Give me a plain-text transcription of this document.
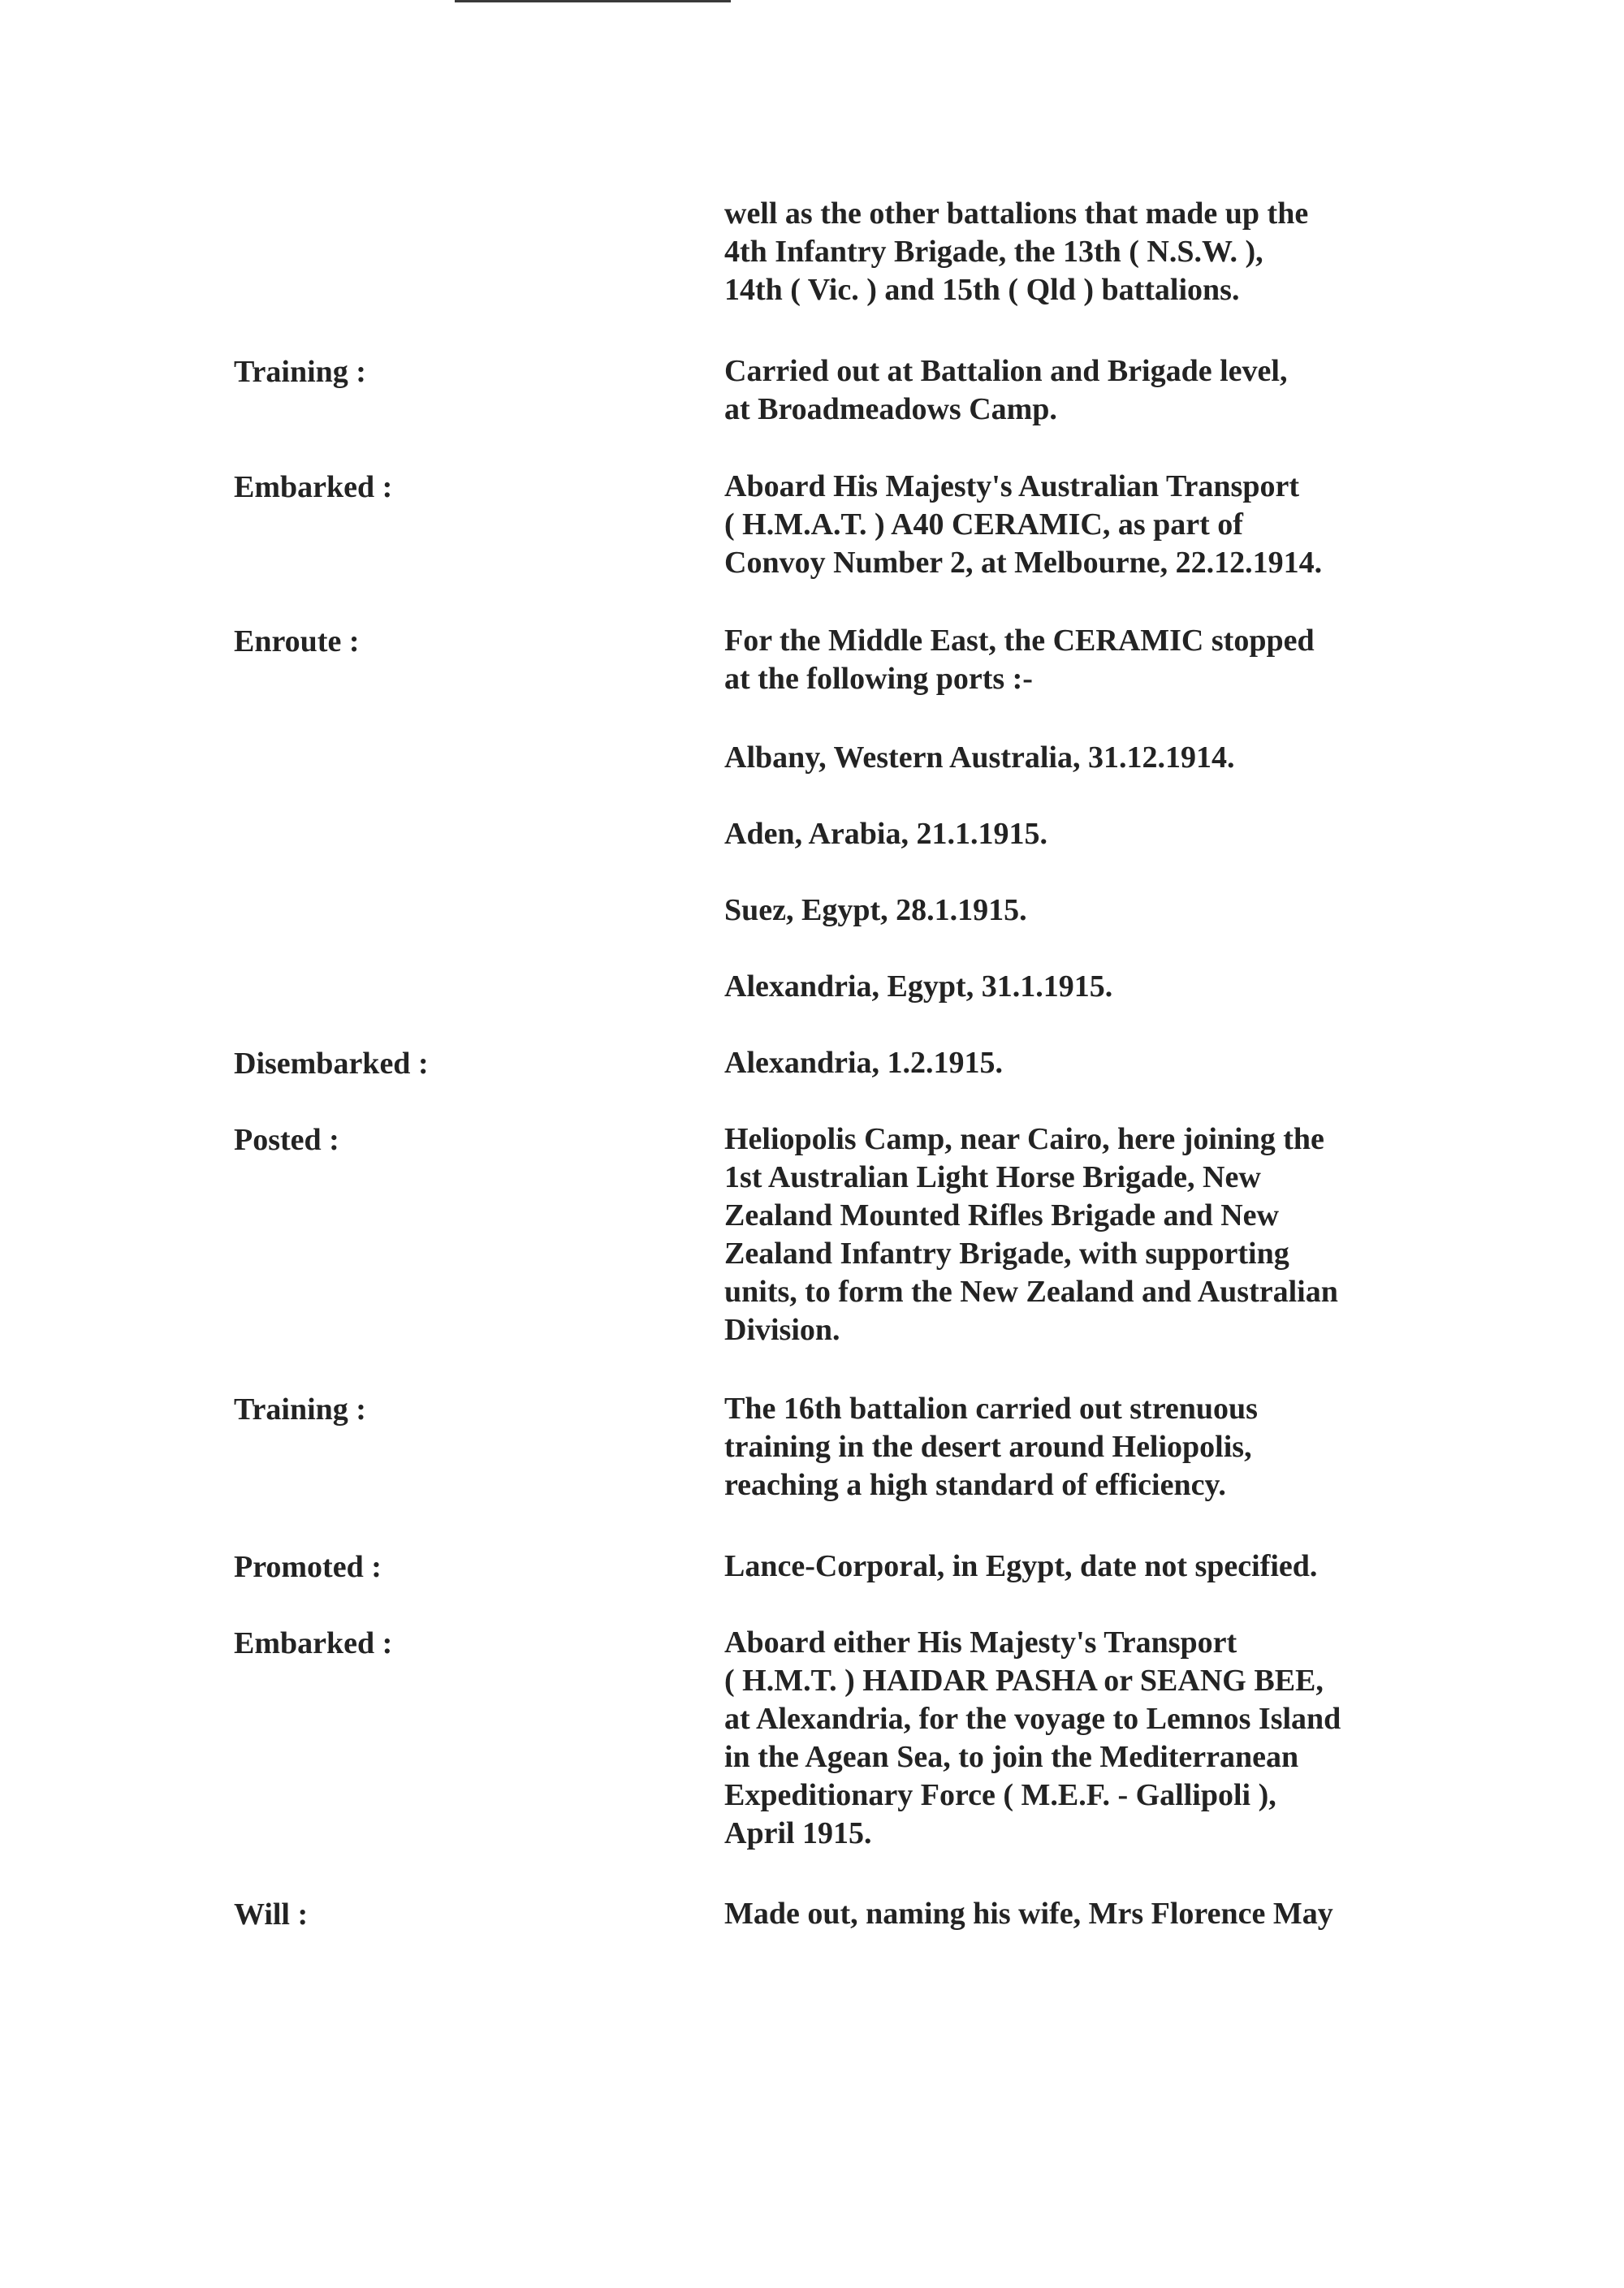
well as the other battalions that made up the
4th Infantry Brigade, the 13th ( N.S.W. ),
14th ( Vic. ) and 15th ( Qld ) battalions.

Training :	Carried out at Battalion and Brigade level,
at Broadmeadows Camp.

Embarked :	Aboard His Majesty's Australian Transport
( H.M.A.T. ) A40 CERAMIC, as part of
Convoy Number 2, at Melbourne, 22.12.1914.

Enroute :	For the Middle East, the CERAMIC stopped
at the following ports :-

Albany, Western Australia, 31.12.1914.

Aden, Arabia, 21.1.1915.

Suez, Egypt, 28.1.1915.

Alexandria, Egypt, 31.1.1915.

Disembarked :	Alexandria, 1.2.1915.

Posted :	Heliopolis Camp, near Cairo, here joining the
1st Australian Light Horse Brigade, New
Zealand Mounted Rifles Brigade and New
Zealand Infantry Brigade, with supporting
units, to form the New Zealand and Australian
Division.

Training :	The 16th battalion carried out strenuous
training in the desert around Heliopolis,
reaching a high standard of efficiency.

Promoted :	Lance-Corporal, in Egypt, date not specified.

Embarked :	Aboard either His Majesty's Transport
( H.M.T. ) HAIDAR PASHA or SEANG BEE,
at Alexandria, for the voyage to Lemnos Island
in the Agean Sea, to join the Mediterranean
Expeditionary Force ( M.E.F. - Gallipoli ),
April 1915.

Will :	Made out, naming his wife, Mrs Florence May
